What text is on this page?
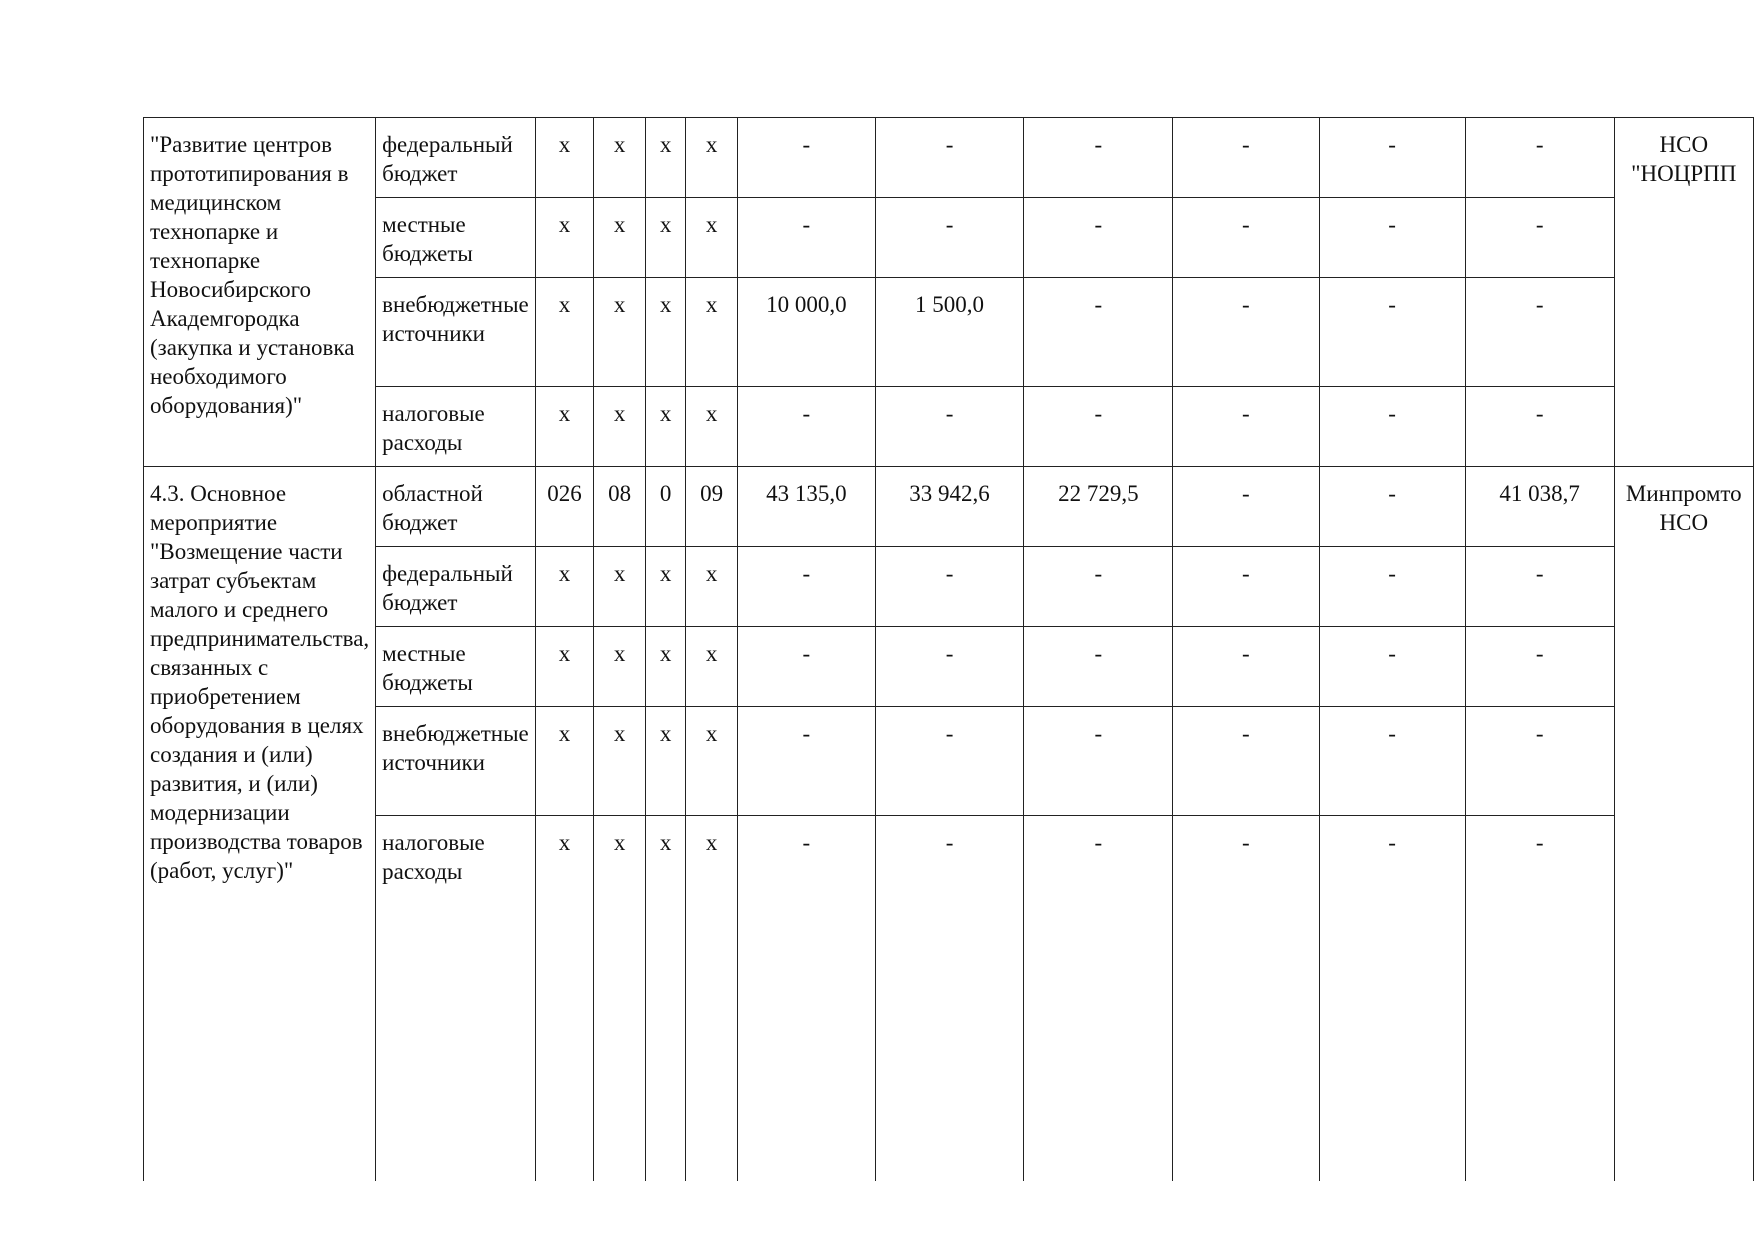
"Развитие центров прототипирования в медицинском технопарке и технопарке Новосибирского Академгородка (закупка и установка необходимого оборудования)"	федеральный бюджет	х	х	х	х	-	-	-	-	-	-	НСО
"НОЦРПП

	местные бюджеты	х	х	х	х	-	-	-	-	-	-	
	внебюджетные источники	х	х	х	х	10 000,0	1 500,0	-	-	-	-	
	налоговые расходы	х	х	х	х	-	-	-	-	-	-	
4.3. Основное мероприятие "Возмещение части затрат субъектам малого и среднего предпринимательства, связанных с приобретением оборудования в целях создания и (или) развития, и (или) модернизации производства товаров (работ, услуг)"	областной бюджет	026	08	0	09	43 135,0	33 942,6	22 729,5	-	-	41 038,7	Минпромто
НСО

	федеральный бюджет	х	х	х	х	-	-	-	-	-	-	
	местные бюджеты	х	х	х	х	-	-	-	-	-	-	
	внебюджетные источники	х	х	х	х	-	-	-	-	-	-	
	налоговые расходы	х	х	х	х	-	-	-	-	-	-	
